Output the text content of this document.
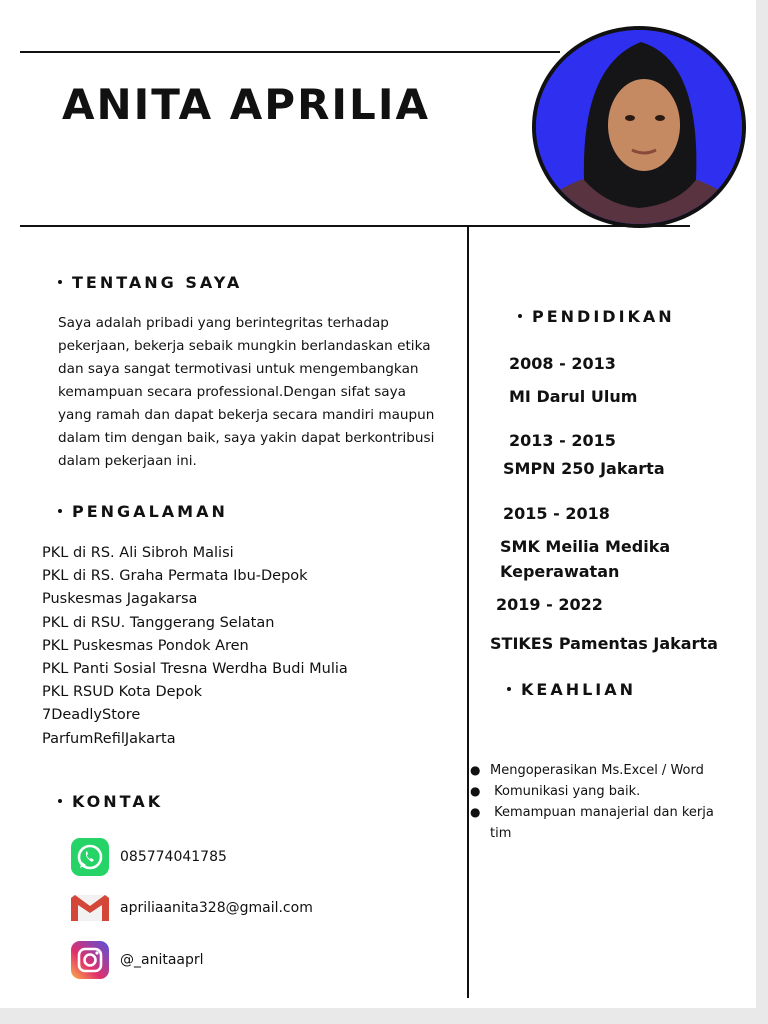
ANITA APRILIA
TENTANG SAYA
Saya adalah pribadi yang berintegritas terhadap
pekerjaan, bekerja sebaik mungkin berlandaskan etika
dan saya sangat termotivasi untuk mengembangkan
kemampuan secara professional.Dengan sifat saya
yang ramah dan dapat bekerja secara mandiri maupun
dalam tim dengan baik, saya yakin dapat berkontribusi
dalam pekerjaan ini.
PENGALAMAN
PKL di RS. Ali Sibroh Malisi
PKL di RS. Graha Permata Ibu-Depok
Puskesmas Jagakarsa
PKL di RSU. Tanggerang Selatan
PKL Puskesmas Pondok Aren
PKL Panti Sosial Tresna Werdha Budi Mulia
PKL RSUD Kota Depok
7DeadlyStore
ParfumRefilJakarta
KONTAK
085774041785
apriliaanita328@gmail.com
@_anitaaprl
PENDIDIKAN
2008 - 2013
MI Darul Ulum
2013 - 2015
SMPN 250 Jakarta
2015 - 2018
SMK Meilia Medika
Keperawatan
2019 - 2022
STIKES Pamentas Jakarta
KEAHLIAN
● Mengoperasikan Ms.Excel / Word
● Komunikasi yang baik.
● Kemampuan manajerial dan kerja
tim
